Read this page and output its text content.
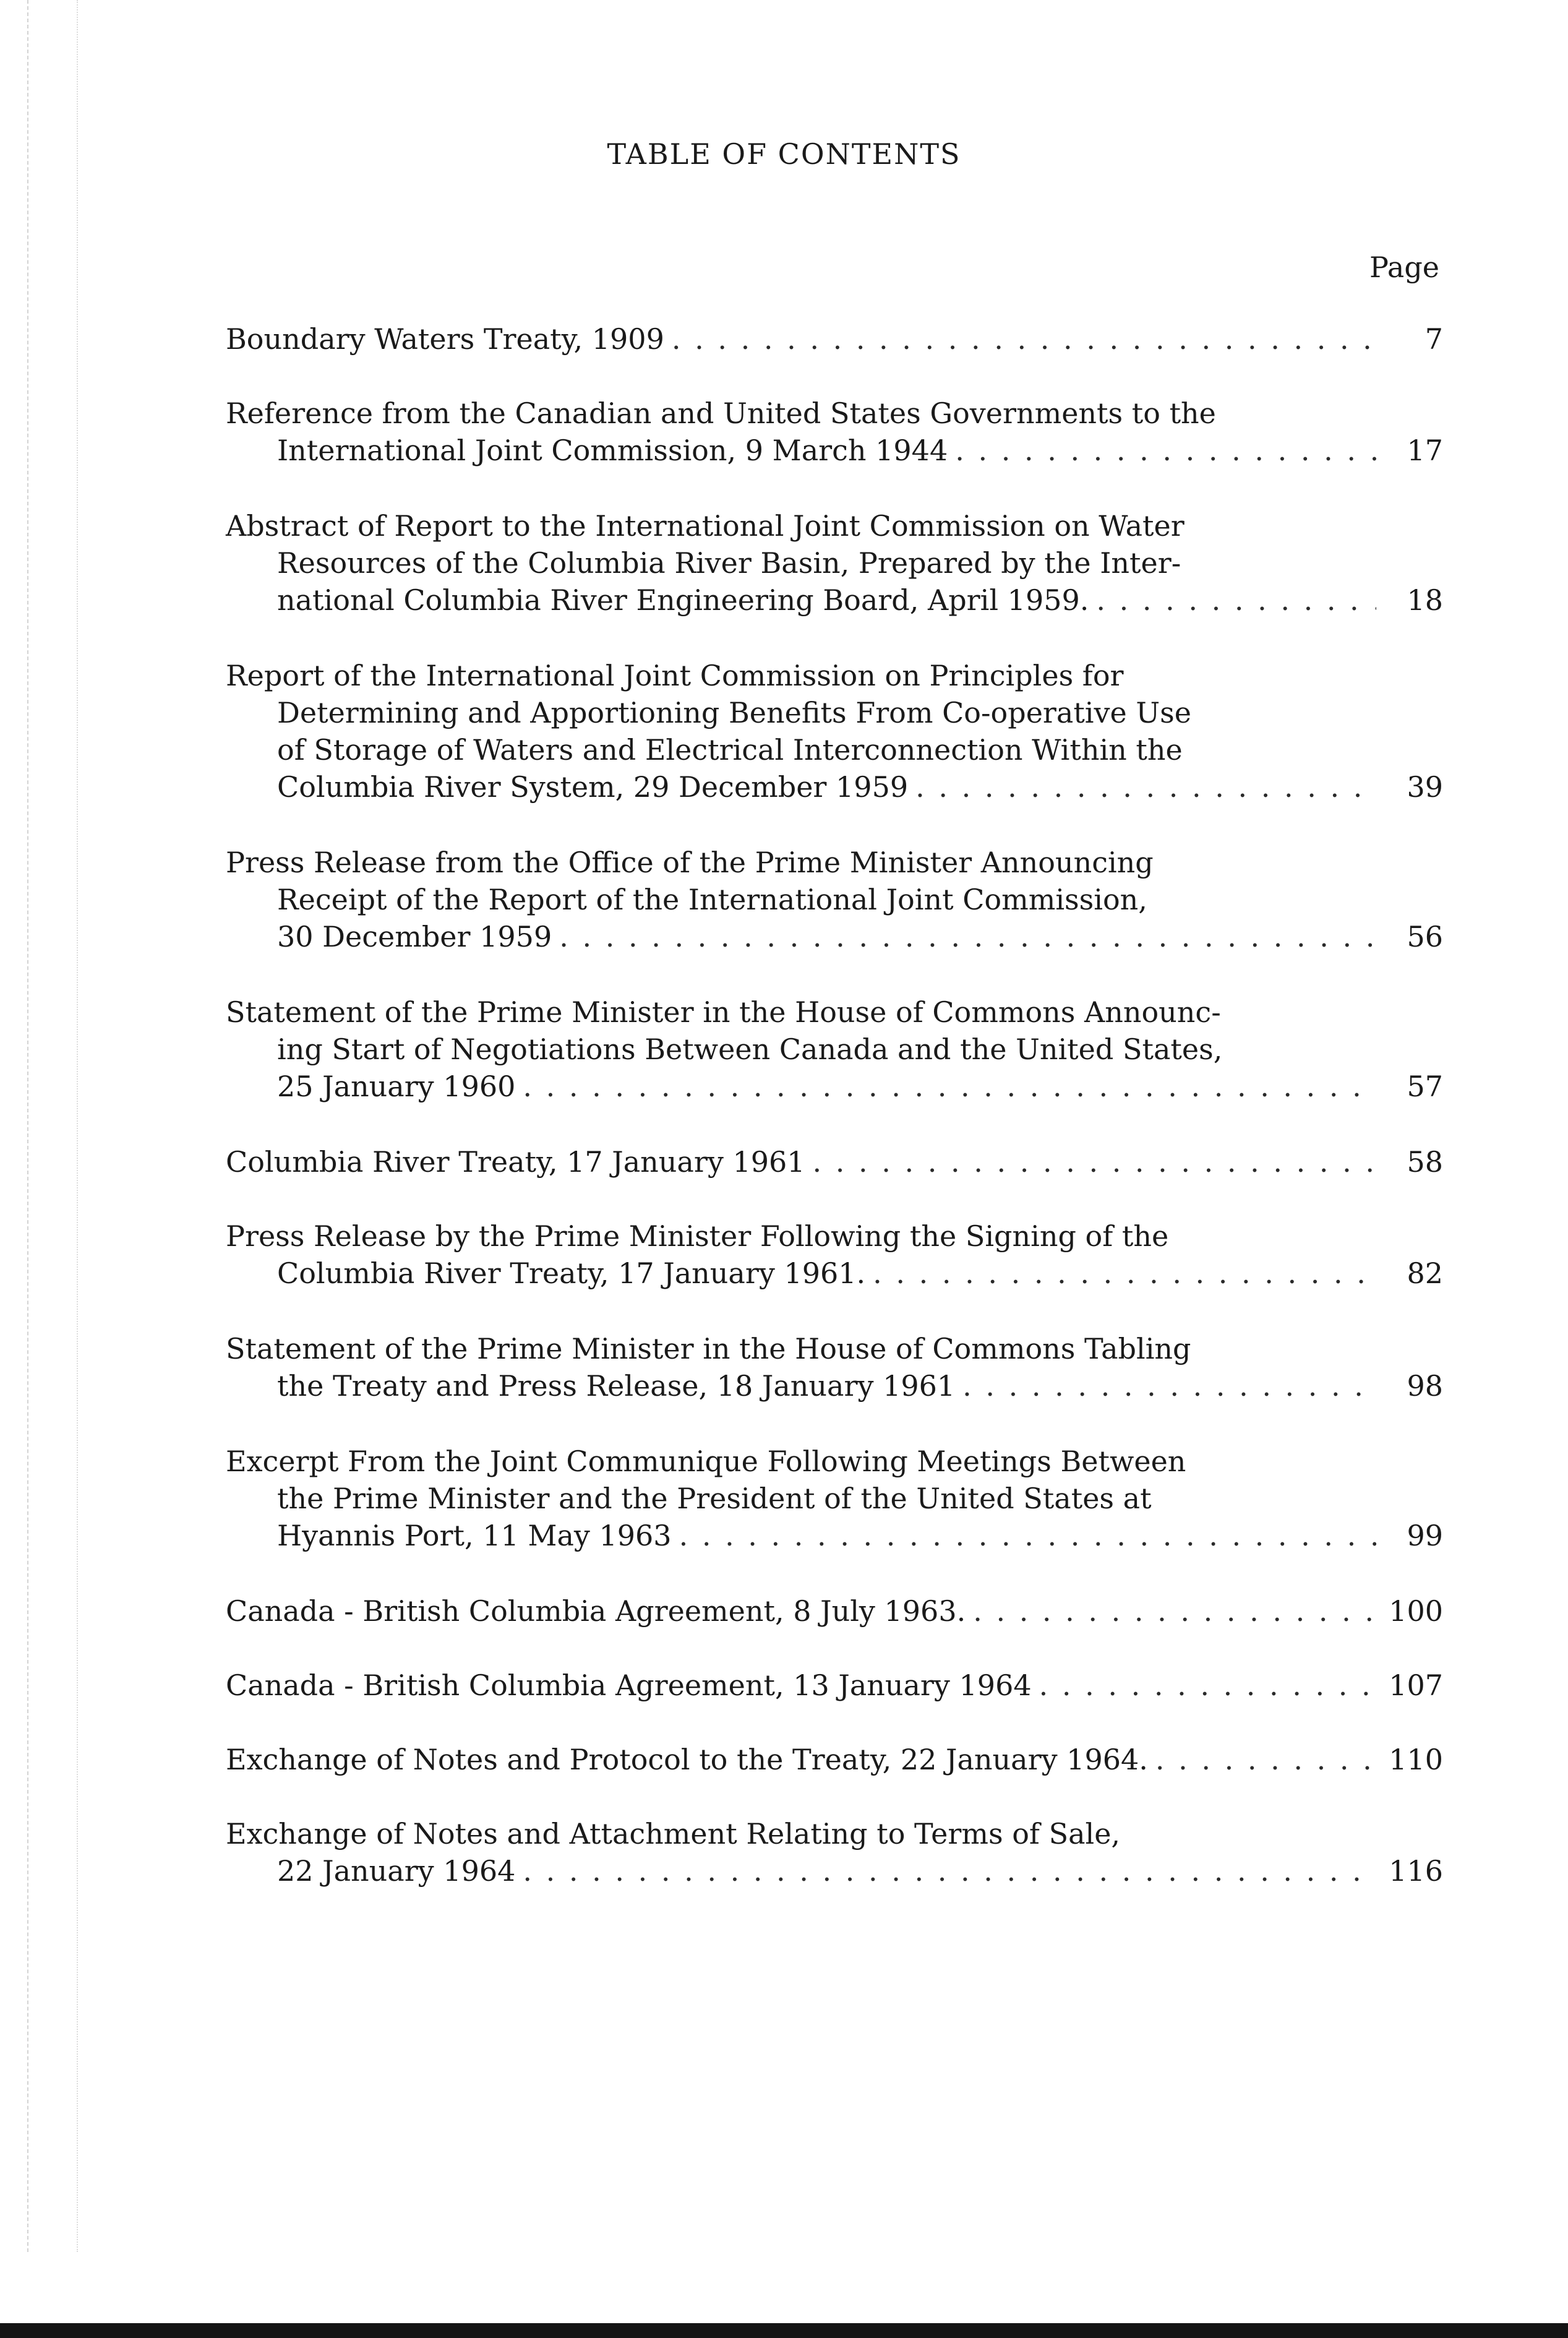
TABLE OF CONTENTS
Page
Boundary Waters Treaty, 1909 . . .	7
Reference from the Canadian and United States Governments to the
International Joint Commission, 9 March 1944 . . .	17
Abstract of Report to the International Joint Commission on Water
Resources of the Columbia River Basin, Prepared by the Inter-
national Columbia River Engineering Board, April 1959. . . .	18
Report of the International Joint Commission on Principles for
Determining and Apportioning Benefits From Co-operative Use
of Storage of Waters and Electrical Interconnection Within the
Columbia River System, 29 December 1959 . . .	39
Press Release from the Office of the Prime Minister Announcing
Receipt of the Report of the International Joint Commission,
30 December 1959 . . .	56
Statement of the Prime Minister in the House of Commons Announc-
ing Start of Negotiations Between Canada and the United States,
25 January 1960 . . .	57
Columbia River Treaty, 17 January 1961 . . .	58
Press Release by the Prime Minister Following the Signing of the
Columbia River Treaty, 17 January 1961. . . .	82
Statement of the Prime Minister in the House of Commons Tabling
the Treaty and Press Release, 18 January 1961 . . .	98
Excerpt From the Joint Communique Following Meetings Between
the Prime Minister and the President of the United States at
Hyannis Port, 11 May 1963 . . .	99
Canada - British Columbia Agreement, 8 July 1963. . . .	100
Canada - British Columbia Agreement, 13 January 1964 . . .	107
Exchange of Notes and Protocol to the Treaty, 22 January 1964. . . .	110
Exchange of Notes and Attachment Relating to Terms of Sale,
22 January 1964 . . .	116
